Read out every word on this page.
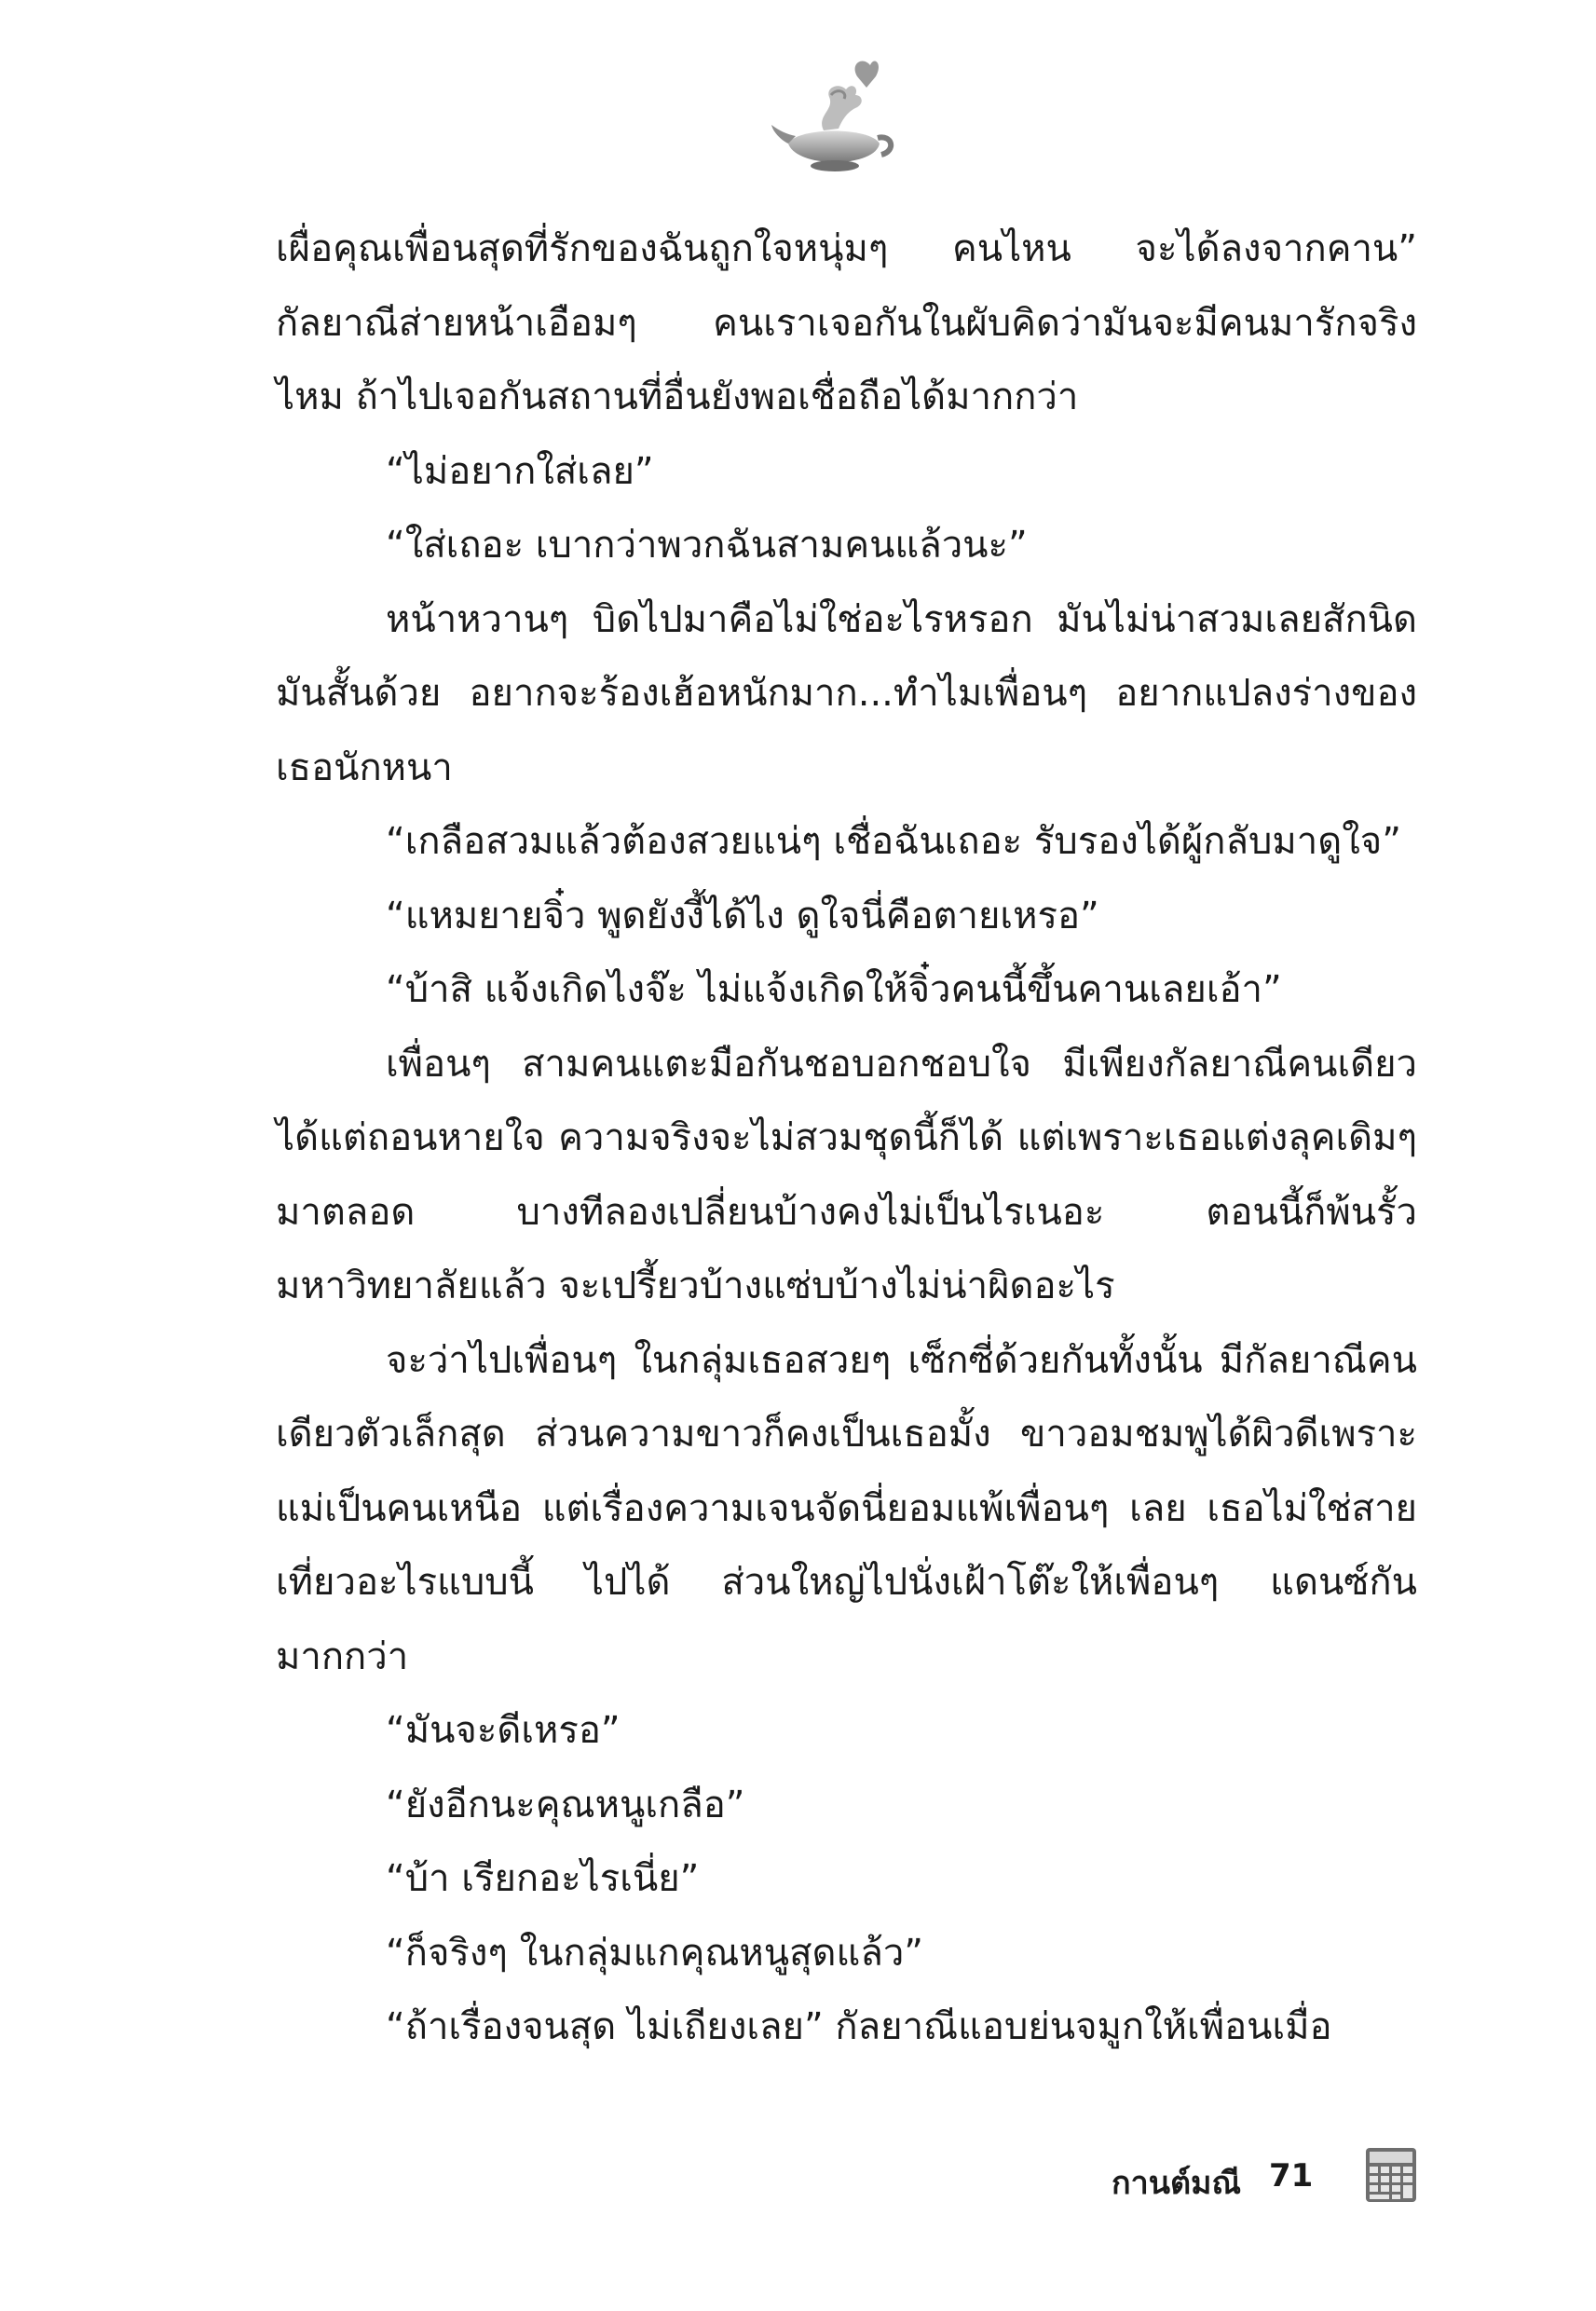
เผื่อคุณเพื่อนสุดที่รักของฉันถูกใจหนุ่มๆ คนไหน จะได้ลงจากคาน” กัลยาณีส่ายหน้าเอือมๆ คนเราเจอกันในผับคิดว่ามันจะมีคนมารักจริงไหม ถ้าไปเจอกันสถานที่อื่นยังพอเชื่อถือได้มากกว่า

“ไม่อยากใส่เลย”

“ใส่เถอะ เบากว่าพวกฉันสามคนแล้วนะ”

หน้าหวานๆ บิดไปมาคือไม่ใช่อะไรหรอก มันไม่น่าสวมเลยสักนิด มันสั้นด้วย อยากจะร้องเฮ้อหนักมาก...ทำไมเพื่อนๆ อยากแปลงร่างของเธอนักหนา

“เกลือสวมแล้วต้องสวยแน่ๆ เชื่อฉันเถอะ รับรองได้ผู้กลับมาดูใจ”

“แหมยายจิ๋ว พูดยังงี้ได้ไง ดูใจนี่คือตายเหรอ”

“บ้าสิ แจ้งเกิดไงจ๊ะ ไม่แจ้งเกิดให้จิ๋วคนนี้ขึ้นคานเลยเอ้า”

เพื่อนๆ สามคนแตะมือกันชอบอกชอบใจ มีเพียงกัลยาณีคนเดียวได้แต่ถอนหายใจ ความจริงจะไม่สวมชุดนี้ก็ได้ แต่เพราะเธอแต่งลุคเดิมๆ มาตลอด บางทีลองเปลี่ยนบ้างคงไม่เป็นไรเนอะ ตอนนี้ก็พ้นรั้วมหาวิทยาลัยแล้ว จะเปรี้ยวบ้างแซ่บบ้างไม่น่าผิดอะไร

จะว่าไปเพื่อนๆ ในกลุ่มเธอสวยๆ เซ็กซี่ด้วยกันทั้งนั้น มีกัลยาณีคนเดียวตัวเล็กสุด ส่วนความขาวก็คงเป็นเธอมั้ง ขาวอมชมพูได้ผิวดีเพราะแม่เป็นคนเหนือ แต่เรื่องความเจนจัดนี่ยอมแพ้เพื่อนๆ เลย เธอไม่ใช่สายเที่ยวอะไรแบบนี้ ไปได้ ส่วนใหญ่ไปนั่งเฝ้าโต๊ะให้เพื่อนๆ แดนซ์กันมากกว่า

“มันจะดีเหรอ”

“ยังอีกนะคุณหนูเกลือ”

“บ้า เรียกอะไรเนี่ย”

“ก็จริงๆ ในกลุ่มแกคุณหนูสุดแล้ว”

“ถ้าเรื่องจนสุด ไม่เถียงเลย” กัลยาณีแอบย่นจมูกให้เพื่อนเมื่อ

กานต์มณี 71
